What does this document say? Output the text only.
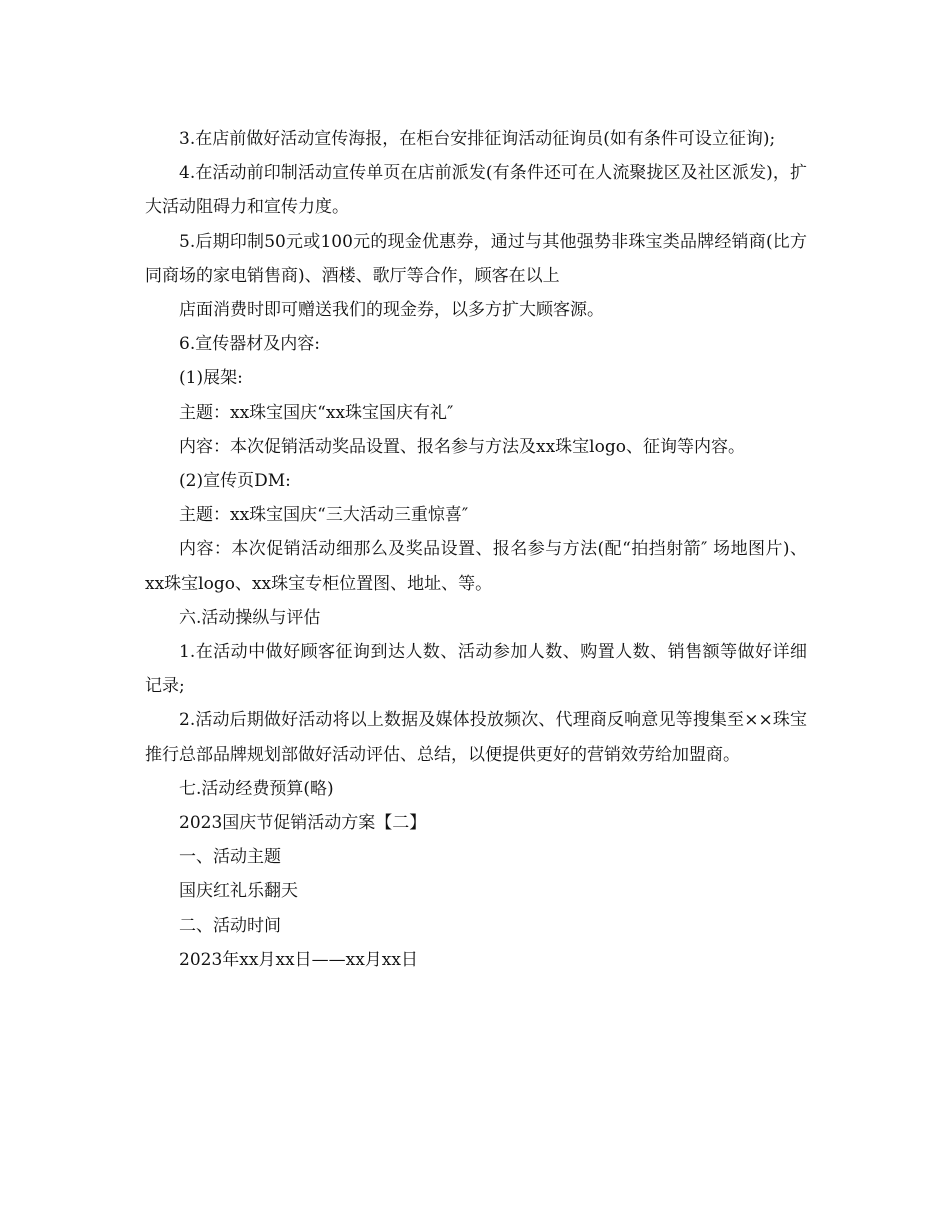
3.在店前做好活动宣传海报，在柜台安排征询活动征询员(如有条件可设立征询);

4.在活动前印制活动宣传单页在店前派发(有条件还可在人流聚拢区及社区派发)，扩大活动阻碍力和宣传力度。

5.后期印制50元或100元的现金优惠券，通过与其他强势非珠宝类品牌经销商(比方同商场的家电销售商)、酒楼、歌厅等合作，顾客在以上

店面消费时即可赠送我们的现金券，以多方扩大顾客源。

6.宣传器材及内容:

(1)展架:

主题：xx珠宝国庆“xx珠宝国庆有礼″

内容：本次促销活动奖品设置、报名参与方法及xx珠宝logo、征询等内容。

(2)宣传页DM:

主题：xx珠宝国庆“三大活动三重惊喜″

内容：本次促销活动细那么及奖品设置、报名参与方法(配“拍挡射箭″ 场地图片)、xx珠宝logo、xx珠宝专柜位置图、地址、等。

六.活动操纵与评估

1.在活动中做好顾客征询到达人数、活动参加人数、购置人数、销售额等做好详细记录;

2.活动后期做好活动将以上数据及媒体投放频次、代理商反响意见等搜集至××珠宝推行总部品牌规划部做好活动评估、总结，以便提供更好的营销效劳给加盟商。

七.活动经费预算(略)

2023国庆节促销活动方案【二】

一、活动主题

国庆红礼乐翻天

二、活动时间

2023年xx月xx日——xx月xx日
